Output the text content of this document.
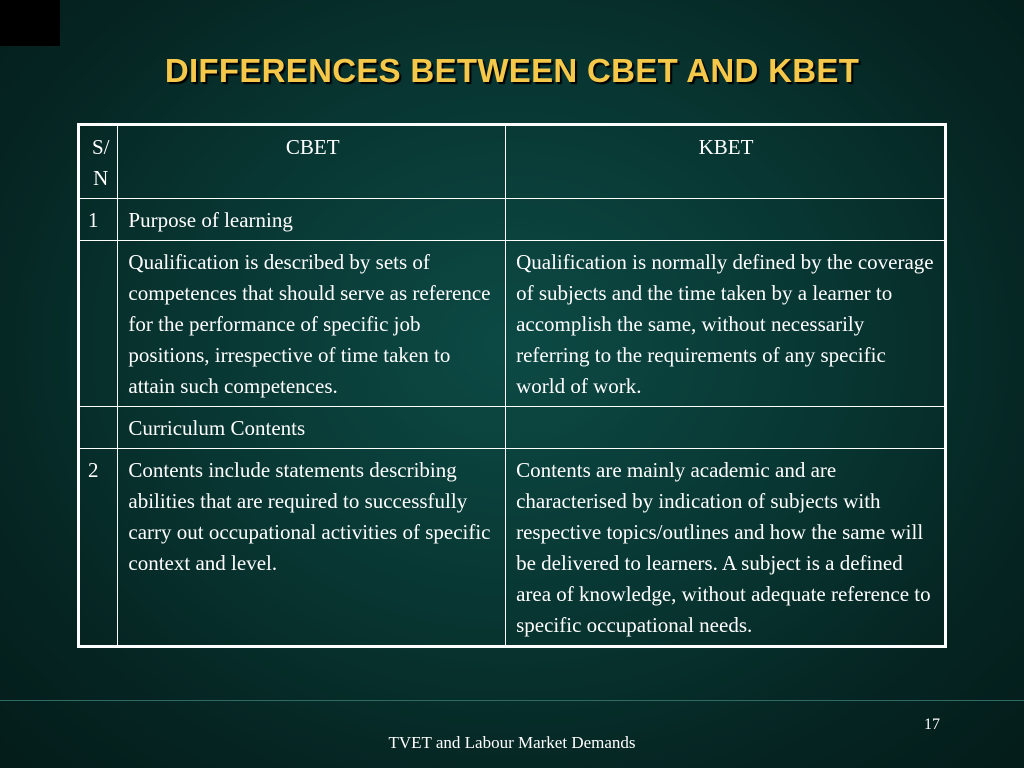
DIFFERENCES BETWEEN CBET AND KBET
S/
N	CBET	KBET
1	Purpose of learning	
	Qualification is described by sets of competences that should serve as reference for the performance of specific job positions, irrespective of time taken to attain such competences.	Qualification is normally defined by the coverage of subjects and the time taken by a learner to accomplish the same, without necessarily referring to the requirements of any specific world of work.
	Curriculum Contents	
2	Contents include statements describing abilities that are required to successfully carry out occupational activities of specific context and level.	Contents are mainly academic and are characterised by indication of subjects with respective topics/outlines and how the same will be delivered to learners. A subject is a defined area of knowledge, without adequate reference to specific occupational needs.
17
TVET and Labour Market Demands
